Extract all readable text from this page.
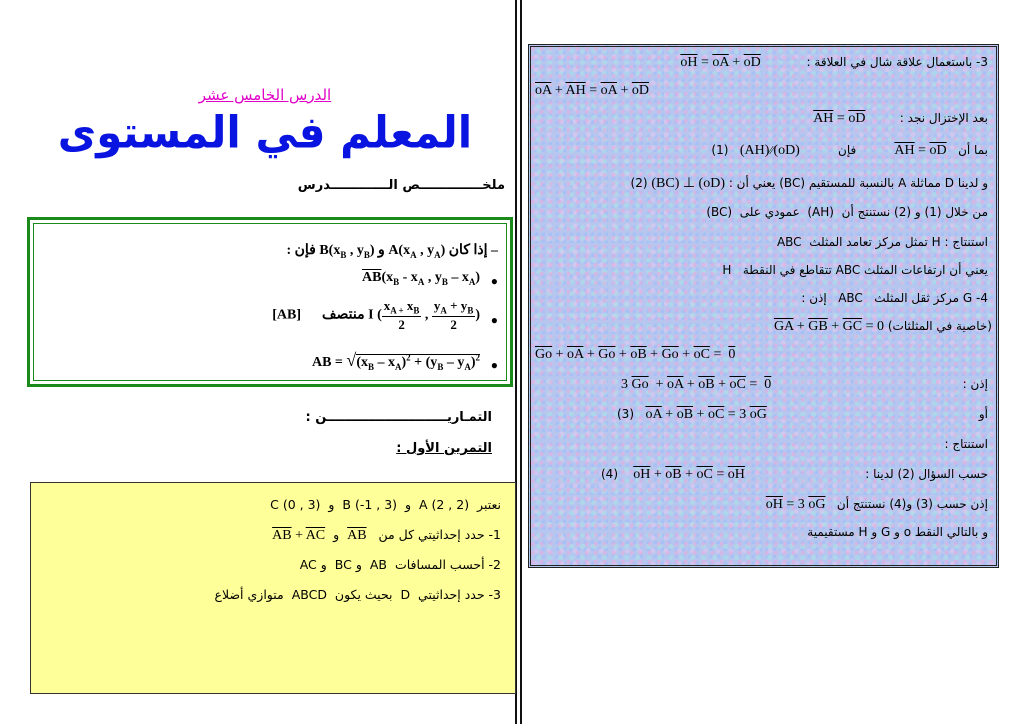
الدرس الخامس عشر
المعلم في المستوى
ملخــــــــــــــص الـــــــــــــدرس
– إذا كان $A(x_A$ , $y_A$) و $B(x_B$ , $y_B$) فإن :
●
$\overline{AB}(x_B - x_A$ , $y_B - x_A$)
●
[AB] منتصف I ( $\frac{x_{A +} x_B}{2}$ , $\frac{y_A + y_B}{2}$ )
●
AB = $√(x_B - x_A)^2 + (y_B - y_A)^2$
التمـاريـــــــــــــــــــــــــــن :
التمرين الأول :
نعتبر  A (2 , 2)  و  B (-1 , 3)  و  C (0 , 3)
1- حدد إحداثيتي كل من   $\overline{AB}$  و  $\overline{AB} + \overline{AC}$
2- أحسب المسافات  AB  و BC  و AC
3- حدد إحداثيتي  D  بحيث يكون  ABCD  متوازي أضلاع
3- باستعمال علاقة شال في العلاقة :            $\overline{oH} = \overline{oA} + \overline{oD}$
$\overline{oA} + \overline{AH} = \overline{oA} + \overline{oD}$
بعد الإختزال نجد :         $\overline{AH} = \overline{oD}$
بما أن   $\overline{AH} = \overline{oD}$          فإن          (AH)∕∕(oD)   (1)
و لدينا D مماثلة A بالنسبة للمستقيم (BC) يعني أن : (BC) ⊥ (oD) (2)
من خلال (1) و (2) نستنتج أن  (AH)  عمودي على  (BC)
استنتاج : H تمثل مركز تعامد المثلث  ABC
يعني أن ارتفاعات المثلث ABC تتقاطع في النقطة   H
4- G مركز ثقل المثلث   ABC   إذن :
(خاصية في المثلثات) $\overline{GA} + \overline{GB} + \overline{GC} = 0$
$\overline{Go} + \overline{oA} + \overline{Go} + \overline{oB} + \overline{Go} + \overline{oC} = 0$
إذن :
3 $\overline{Go} + \overline{oA} + \overline{oB} + \overline{oC} = 0$
أو
(3) $\overline{oA} + \overline{oB} + \overline{oC} = 3$ $\overline{oG}$
استنتاج :
حسب السؤال (2) لدينا :
(4) $\overline{oH} + \overline{oB} + \overline{oC} = \overline{oH}$
إذن حسب (3) و(4) نستنتج أن   $\overline{oH} = 3$ $\overline{oG}$
و بالتالي النقط o و G و H مستقيمية
